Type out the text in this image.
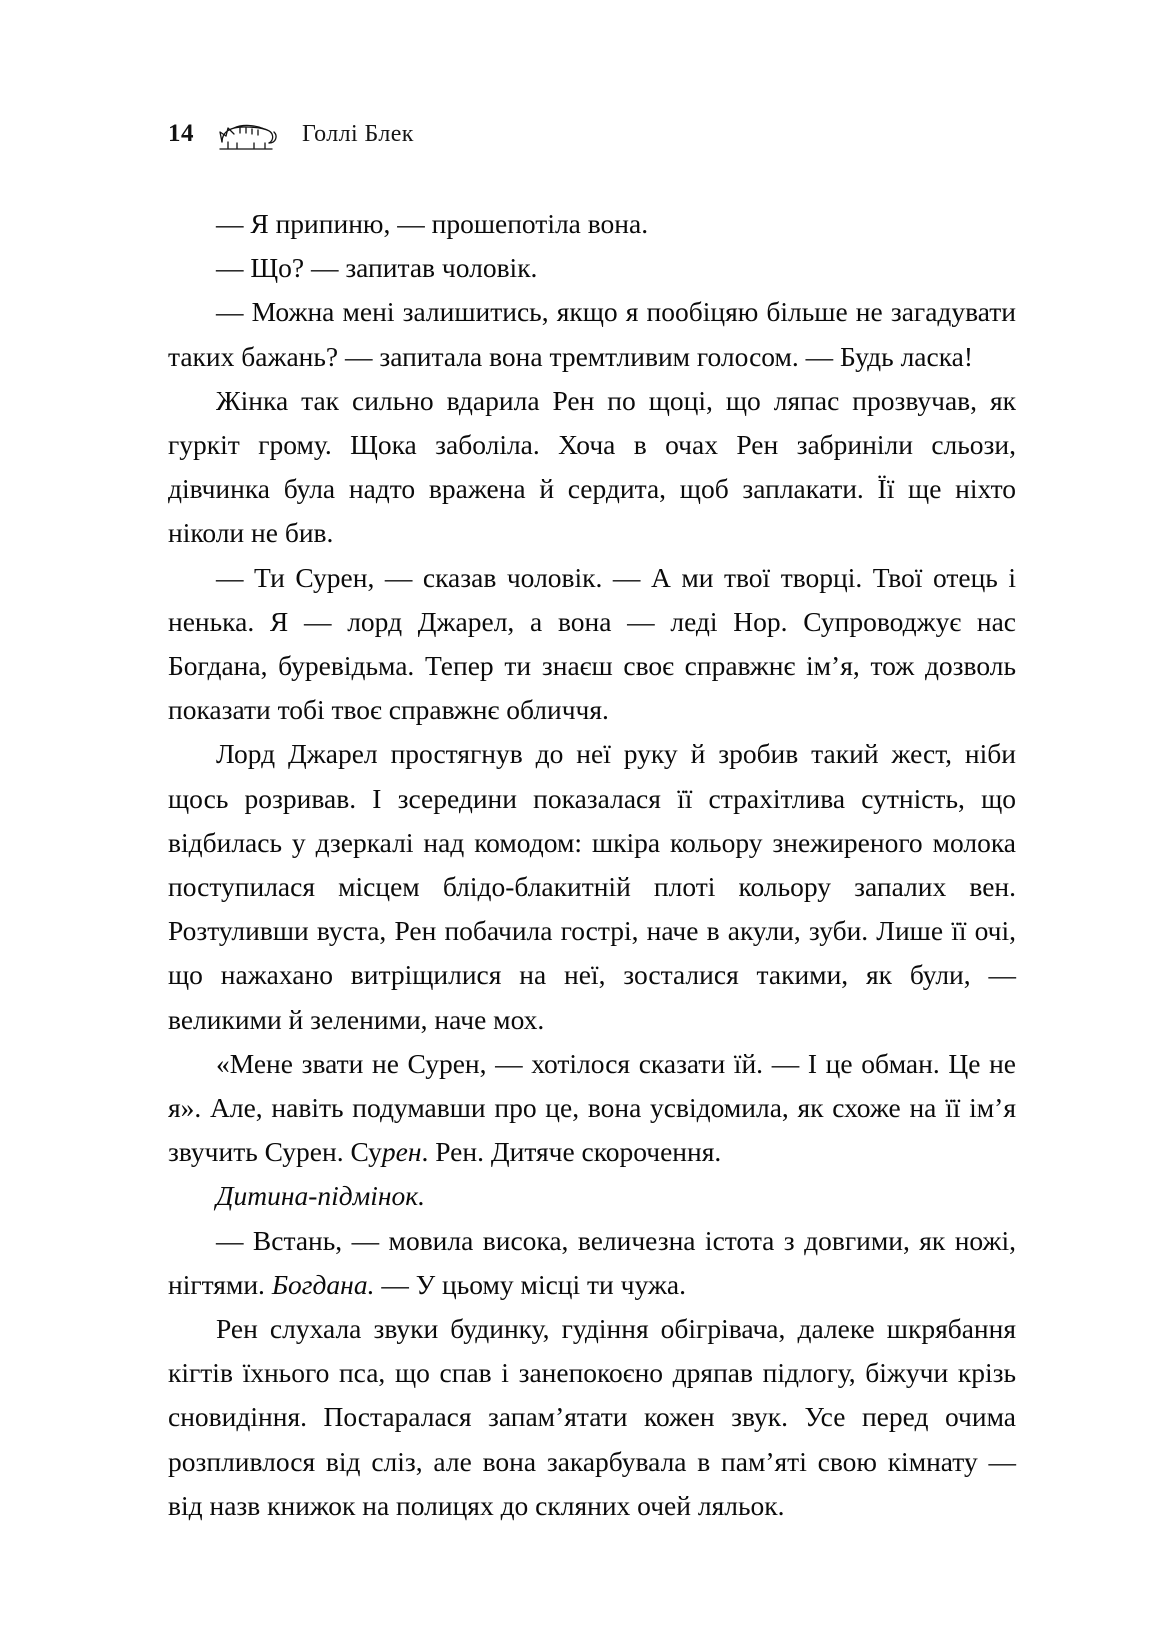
14	Голлі Блек

— Я припиню, — прошепотіла вона.

— Що? — запитав чоловік.

— Можна мені залишитись, якщо я пообіцяю більше не загадувати таких бажань? — запитала вона тремтливим голосом. — Будь ласка!

Жінка так сильно вдарила Рен по щоці, що ляпас прозвучав, як гуркіт грому. Щока заболіла. Хоча в очах Рен забриніли сльози, дівчинка була надто вражена й сердита, щоб заплакати. Її ще ніхто ніколи не бив.

— Ти Сурен, — сказав чоловік. — А ми твої творці. Твої отець і ненька. Я — лорд Джарел, а вона — леді Нор. Супроводжує нас Богдана, буревідьма. Тепер ти знаєш своє справжнє ім’я, тож дозволь показати тобі твоє справжнє обличчя.

Лорд Джарел простягнув до неї руку й зробив такий жест, ніби щось розривав. І зсередини показалася її страхітлива сутність, що відбилась у дзеркалі над комодом: шкіра кольору знежиреного молока поступилася місцем блідо-блакитній плоті кольору запалих вен. Розтуливши вуста, Рен побачила гострі, наче в акули, зуби. Лише її очі, що нажахано витріщилися на неї, зосталися такими, як були, — великими й зеленими, наче мох.

«Мене звати не Сурен, — хотілося сказати їй. — І це обман. Це не я». Але, навіть подумавши про це, вона усвідомила, як схоже на її ім’я звучить Сурен. Сурен. Рен. Дитяче скорочення.

Дитина-підмінок.

— Встань, — мовила висока, величезна істота з довгими, як ножі, нігтями. Богдана. — У цьому місці ти чужа.

Рен слухала звуки будинку, гудіння обігрівача, далеке шкрябання кігтів їхнього пса, що спав і занепокоєно дряпав підлогу, біжучи крізь сновидіння. Постаралася запам’ятати кожен звук. Усе перед очима розпливлося від сліз, але вона закарбувала в пам’яті свою кімнату — від назв книжок на полицях до скляних очей ляльок.
